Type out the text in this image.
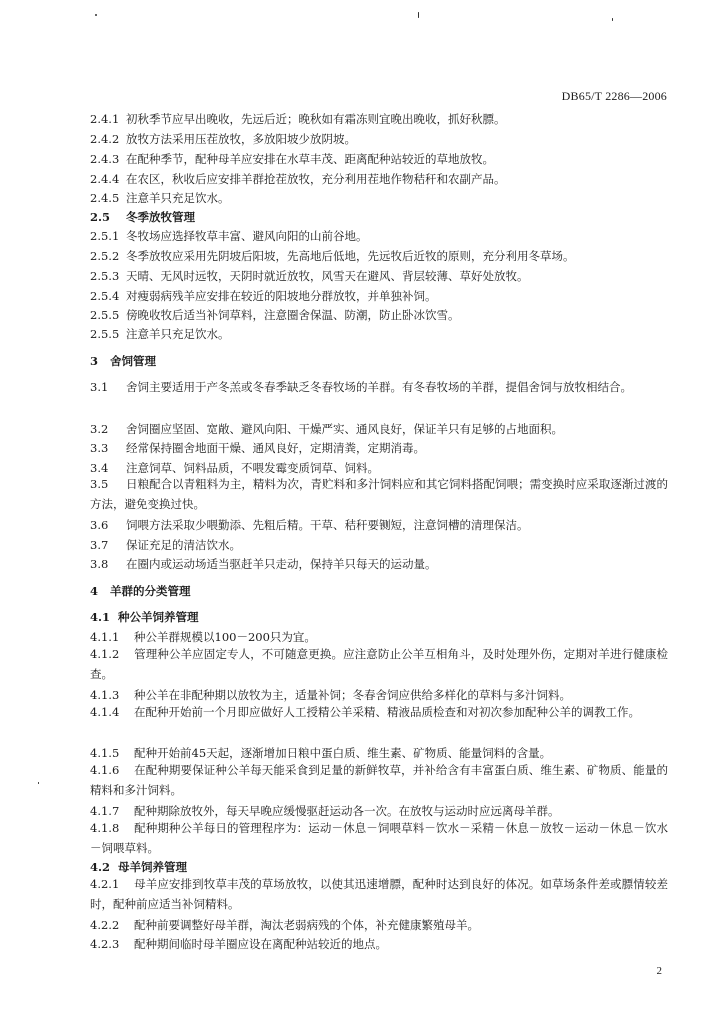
DB65/T 2286—2006
2.4.1 初秋季节应早出晚收，先远后近；晚秋如有霜冻则宜晚出晚收，抓好秋膘。
2.4.2 放牧方法采用压茬放牧，多放阳坡少放阴坡。
2.4.3 在配种季节，配种母羊应安排在水草丰茂、距离配种站较近的草地放牧。
2.4.4 在农区，秋收后应安排羊群抢茬放牧，充分利用茬地作物秸秆和农副产品。
2.4.5 注意羊只充足饮水。
2.5 冬季放牧管理
2.5.1 冬牧场应选择牧草丰富、避风向阳的山前谷地。
2.5.2 冬季放牧应采用先阴坡后阳坡，先高地后低地，先远牧后近牧的原则，充分利用冬草场。
2.5.3 天晴、无风时远牧，天阴时就近放牧，风雪天在避风、背层较薄、草好处放牧。
2.5.4 对瘦弱病残羊应安排在较近的阳坡地分群放牧，并单独补饲。
2.5.5 傍晚收牧后适当补饲草料，注意圈舍保温、防潮，防止卧冰饮雪。
2.5.5 注意羊只充足饮水。
3 舍饲管理
3.1 舍饲主要适用于产冬羔或冬春季缺乏冬春牧场的羊群。有冬春牧场的羊群，提倡舍饲与放牧相结合。
3.2 舍饲圈应坚固、宽敞、避风向阳、干燥严实、通风良好，保证羊只有足够的占地面积。
3.3 经常保持圈舍地面干燥、通风良好，定期清粪，定期消毒。
3.4 注意饲草、饲料品质，不喂发霉变质饲草、饲料。
3.5 日粮配合以青粗料为主，精料为次，青贮料和多汁饲料应和其它饲料搭配饲喂；需变换时应采取逐渐过渡的方法，避免变换过快。
3.6 饲喂方法采取少喂勤添、先粗后精。干草、秸秆要铡短，注意饲槽的清理保洁。
3.7 保证充足的清洁饮水。
3.8 在圈内或运动场适当驱赶羊只走动，保持羊只每天的运动量。
4 羊群的分类管理
4.1 种公羊饲养管理
4.1.1 种公羊群规模以100－200只为宜。
4.1.2 管理种公羊应固定专人，不可随意更换。应注意防止公羊互相角斗，及时处理外伤，定期对羊进行健康检查。
4.1.3 种公羊在非配种期以放牧为主，适量补饲；冬春舍饲应供给多样化的草料与多汁饲料。
4.1.4 在配种开始前一个月即应做好人工授精公羊采精、精液品质检查和对初次参加配种公羊的调教工作。
4.1.5 配种开始前45天起，逐渐增加日粮中蛋白质、维生素、矿物质、能量饲料的含量。
4.1.6 在配种期要保证种公羊每天能采食到足量的新鲜牧草，并补给含有丰富蛋白质、维生素、矿物质、能量的精料和多汁饲料。
4.1.7 配种期除放牧外，每天早晚应缓慢驱赶运动各一次。在放牧与运动时应远离母羊群。
4.1.8 配种期种公羊每日的管理程序为：运动－休息－饲喂草料－饮水－采精－休息－放牧－运动－休息－饮水－饲喂草料。
4.2 母羊饲养管理
4.2.1 母羊应安排到牧草丰茂的草场放牧，以使其迅速增膘，配种时达到良好的体况。如草场条件差或膘情较差时，配种前应适当补饲精料。
4.2.2 配种前要调整好母羊群，淘汰老弱病残的个体，补充健康繁殖母羊。
4.2.3 配种期间临时母羊圈应设在离配种站较近的地点。
2
